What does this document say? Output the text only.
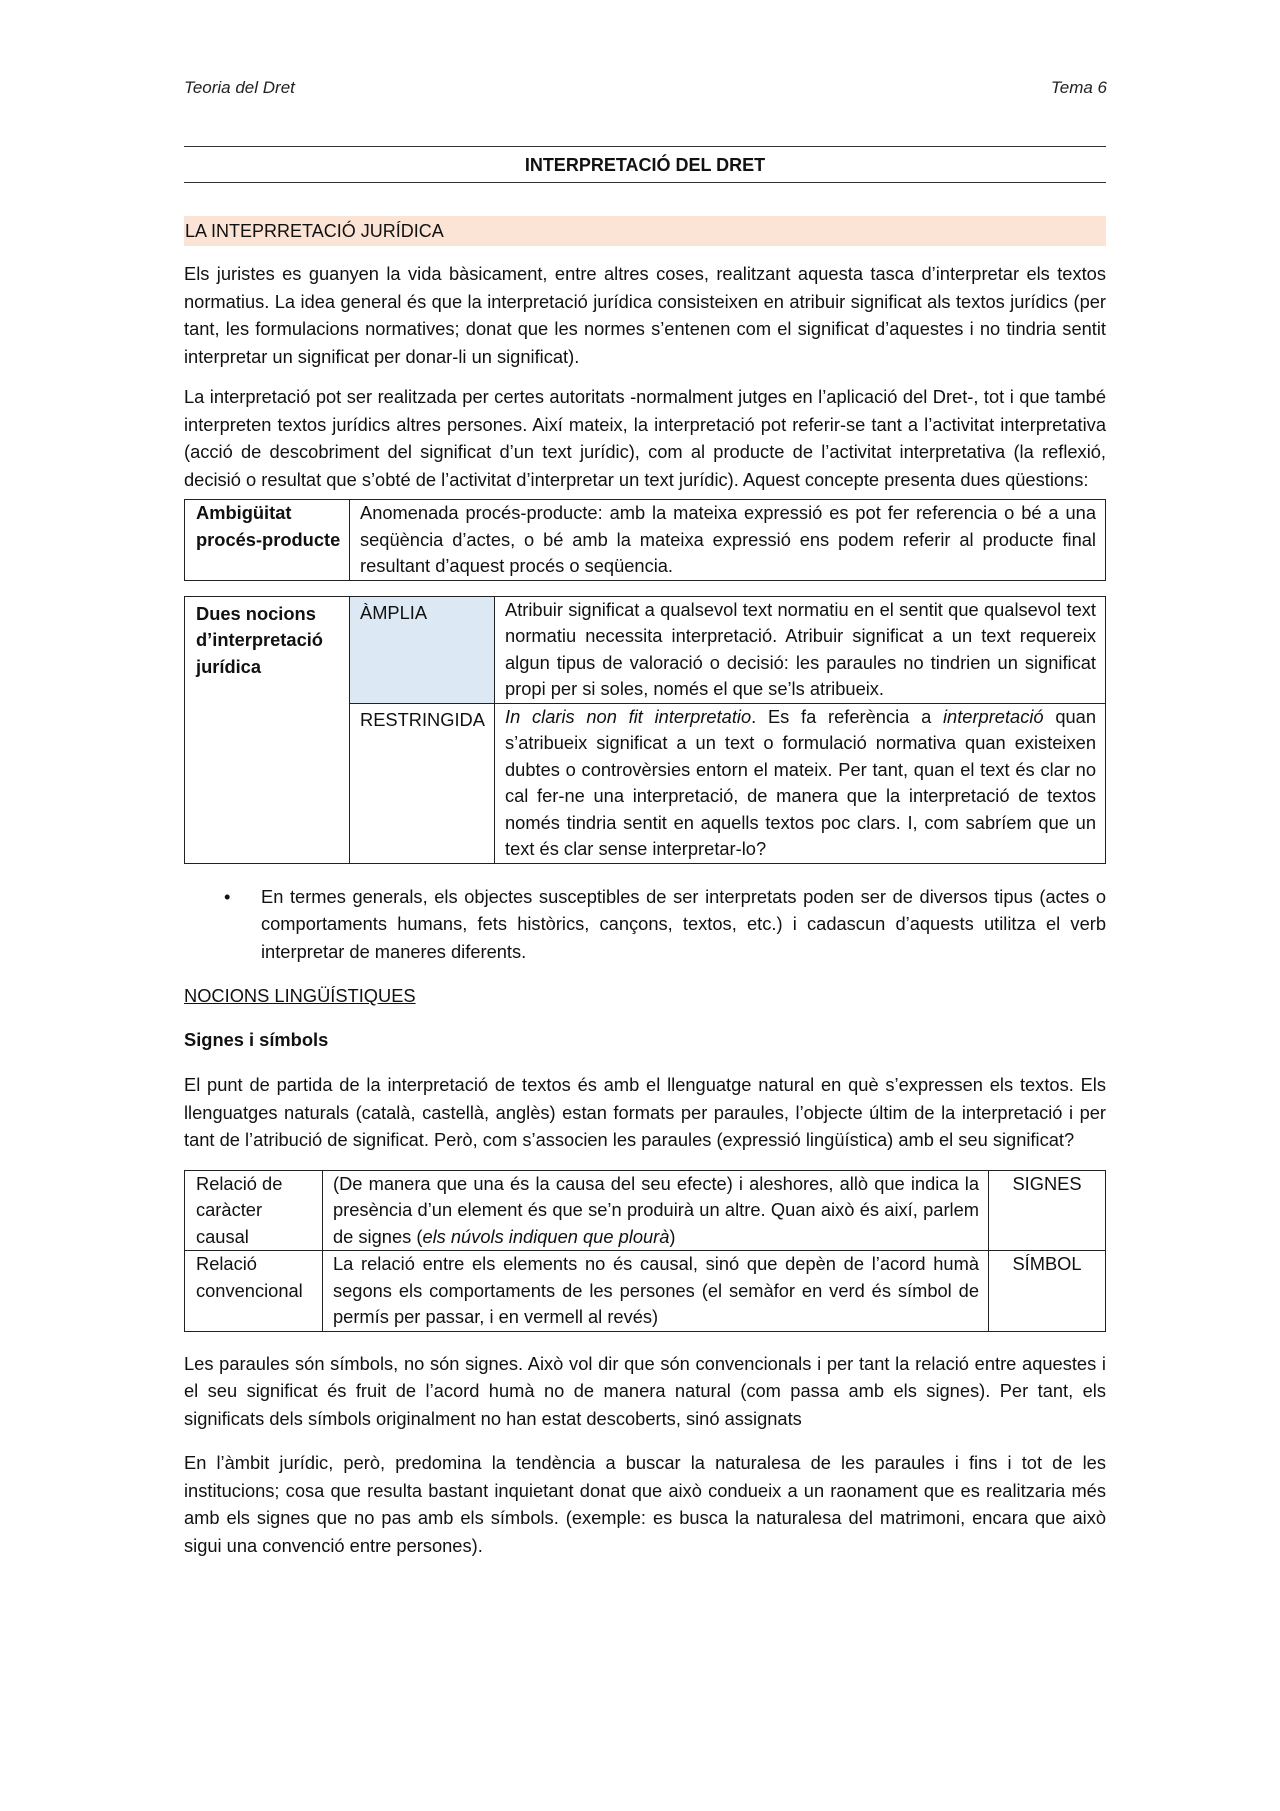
Teoria del Dret	Tema 6
INTERPRETACIÓ DEL DRET
LA INTEPRRETACIÓ JURÍDICA

Els juristes es guanyen la vida bàsicament, entre altres coses, realitzant aquesta tasca d’interpretar els textos normatius. La idea general és que la interpretació jurídica consisteixen en atribuir significat als textos jurídics (per tant, les formulacions normatives; donat que les normes s’entenen com el significat d’aquestes i no tindria sentit interpretar un significat per donar-li un significat).

La interpretació pot ser realitzada per certes autoritats -normalment jutges en l’aplicació del Dret-, tot i que també interpreten textos jurídics altres persones. Així mateix, la interpretació pot referir-se tant a l’activitat interpretativa (acció de descobriment del significat d’un text jurídic), com al producte de l’activitat interpretativa (la reflexió, decisió o resultat que s’obté de l’activitat d’interpretar un text jurídic). Aquest concepte presenta dues qüestions:

Ambigüitat procés-producte	Anomenada procés-producte: amb la mateixa expressió es pot fer referencia o bé a una seqüència d’actes, o bé amb la mateixa expressió ens podem referir al producte final resultant d’aquest procés o seqüencia.
Dues nocions d’interpretació jurídica	ÀMPLIA	Atribuir significat a qualsevol text normatiu en el sentit que qualsevol text normatiu necessita interpretació. Atribuir significat a un text requereix algun tipus de valoració o decisió: les paraules no tindrien un significat propi per si soles, només el que se’ls atribueix.
	RESTRINGIDA	In claris non fit interpretatio. Es fa referència a interpretació quan s’atribueix significat a un text o formulació normativa quan existeixen dubtes o controvèrsies entorn el mateix. Per tant, quan el text és clar no cal fer-ne una interpretació, de manera que la interpretació de textos només tindria sentit en aquells textos poc clars. I, com sabríem que un text és clar sense interpretar-lo?
•	En termes generals, els objectes susceptibles de ser interpretats poden ser de diversos tipus (actes o comportaments humans, fets històrics, cançons, textos, etc.) i cadascun d’aquests utilitza el verb interpretar de maneres diferents.

NOCIONS LINGÜÍSTIQUES
Signes i símbols

El punt de partida de la interpretació de textos és amb el llenguatge natural en què s’expressen els textos. Els llenguatges naturals (català, castellà, anglès) estan formats per paraules, l’objecte últim de la interpretació i per tant de l’atribució de significat. Però, com s’associen les paraules (expressió lingüística) amb el seu significat?

Relació de caràcter causal	(De manera que una és la causa del seu efecte) i aleshores, allò que indica la presència d’un element és que se’n produirà un altre. Quan això és així, parlem de signes (els núvols indiquen que plourà)	SIGNES
Relació convencional	La relació entre els elements no és causal, sinó que depèn de l’acord humà segons els comportaments de les persones (el semàfor en verd és símbol de permís per passar, i en vermell al revés)	SÍMBOL

Les paraules són símbols, no són signes. Això vol dir que són convencionals i per tant la relació entre aquestes i el seu significat és fruit de l’acord humà no de manera natural (com passa amb els signes). Per tant, els significats dels símbols originalment no han estat descoberts, sinó assignats

En l’àmbit jurídic, però, predomina la tendència a buscar la naturalesa de les paraules i fins i tot de les institucions; cosa que resulta bastant inquietant donat que això condueix a un raonament que es realitzaria més amb els signes que no pas amb els símbols. (exemple: es busca la naturalesa del matrimoni, encara que això sigui una convenció entre persones).
